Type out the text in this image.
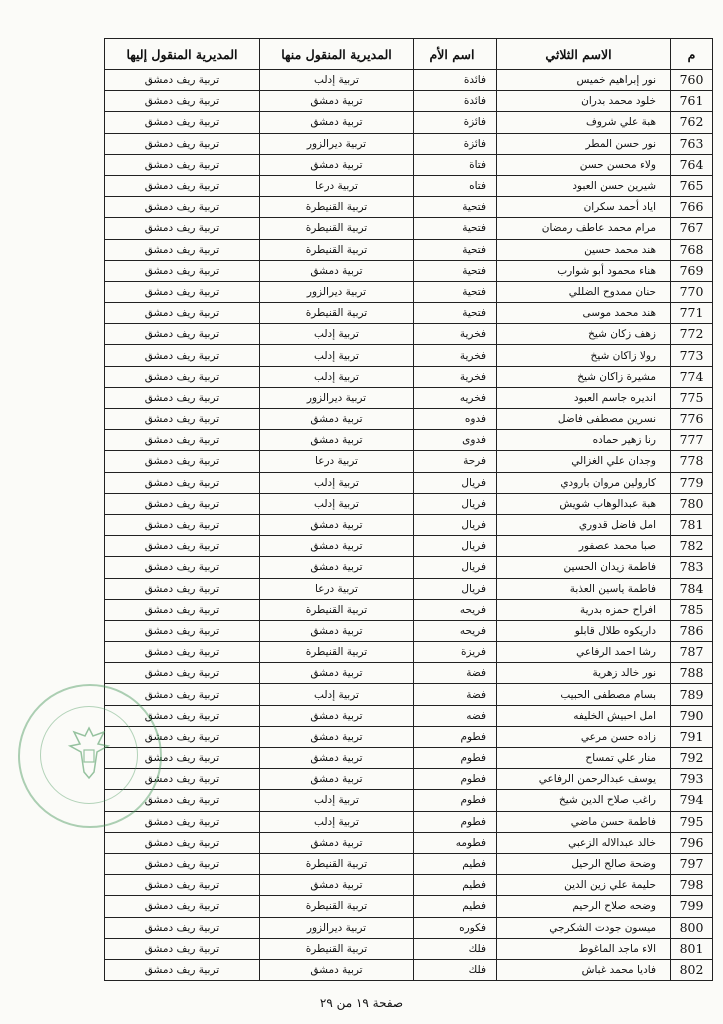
م	الاسم الثلاثي	اسم الأم	المديرية المنقول منها	المديرية المنقول إليها
760	نور إبراهيم خميس	فائدة	تربية إدلب	تربية ريف دمشق
761	خلود محمد بدران	فائدة	تربية دمشق	تربية ريف دمشق
762	هبة علي شروف	فائزة	تربية دمشق	تربية ريف دمشق
763	نور حسن المطر	فائزة	تربية ديرالزور	تربية ريف دمشق
764	ولاء محسن حسن	فتاة	تربية دمشق	تربية ريف دمشق
765	شيرين حسن العبود	فتاه	تربية درعا	تربية ريف دمشق
766	اياد أحمد سكران	فتحية	تربية القنيطرة	تربية ريف دمشق
767	مرام محمد عاطف رمضان	فتحية	تربية القنيطرة	تربية ريف دمشق
768	هند محمد حسين	فتحية	تربية القنيطرة	تربية ريف دمشق
769	هناء محمود أبو شوارب	فتحية	تربية دمشق	تربية ريف دمشق
770	حنان ممدوح الضللي	فتحية	تربية ديرالزور	تربية ريف دمشق
771	هند محمد موسى	فتحية	تربية القنيطرة	تربية ريف دمشق
772	زهف زكان شيخ	فخرية	تربية إدلب	تربية ريف دمشق
773	رولا زاكان شيخ	فخرية	تربية إدلب	تربية ريف دمشق
774	مشيرة زاكان شيخ	فخرية	تربية إدلب	تربية ريف دمشق
775	انديره جاسم العبود	فخريه	تربية ديرالزور	تربية ريف دمشق
776	نسرين مصطفى فاضل	فدوه	تربية دمشق	تربية ريف دمشق
777	رنا زهير حماده	فدوى	تربية دمشق	تربية ريف دمشق
778	وجدان علي الغزالي	فرحة	تربية درعا	تربية ريف دمشق
779	كارولين مروان بارودي	فريال	تربية إدلب	تربية ريف دمشق
780	هبة عبدالوهاب شويش	فريال	تربية إدلب	تربية ريف دمشق
781	امل فاضل قدوري	فريال	تربية دمشق	تربية ريف دمشق
782	صبا محمد عصفور	فريال	تربية دمشق	تربية ريف دمشق
783	فاطمة زيدان الحسين	فريال	تربية دمشق	تربية ريف دمشق
784	فاطمة ياسين العذبة	فريال	تربية درعا	تربية ريف دمشق
785	افراح حمزه بدرية	فريحه	تربية القنيطرة	تربية ريف دمشق
786	داريكوه طلال قابلو	فريحه	تربية دمشق	تربية ريف دمشق
787	رشا احمد الرفاعي	فريزة	تربية القنيطرة	تربية ريف دمشق
788	نور خالد زهرية	فضة	تربية دمشق	تربية ريف دمشق
789	بسام مصطفى الحبيب	فضة	تربية إدلب	تربية ريف دمشق
790	امل احبيش الخليفه	فضه	تربية دمشق	تربية ريف دمشق
791	زاده حسن مرعي	فطوم	تربية دمشق	تربية ريف دمشق
792	منار علي تمساح	فطوم	تربية دمشق	تربية ريف دمشق
793	يوسف عبدالرحمن الرفاعي	فطوم	تربية دمشق	تربية ريف دمشق
794	راغب صلاح الدين شيخ	فطوم	تربية إدلب	تربية ريف دمشق
795	فاطمة حسن ماضي	فطوم	تربية إدلب	تربية ريف دمشق
796	خالد عبدالاله الزعبي	فطومه	تربية دمشق	تربية ريف دمشق
797	وضحة صالح الرحيل	فطيم	تربية القنيطرة	تربية ريف دمشق
798	حليمة علي زين الدين	فطيم	تربية دمشق	تربية ريف دمشق
799	وضحه صلاح الرحيم	فطيم	تربية القنيطرة	تربية ريف دمشق
800	ميسون جودت الشكرجي	فكوره	تربية ديرالزور	تربية ريف دمشق
801	الاء ماجد الماغوط	فلك	تربية القنيطرة	تربية ريف دمشق
802	فاديا محمد غباش	فلك	تربية دمشق	تربية ريف دمشق
صفحة ١٩ من ٢٩
